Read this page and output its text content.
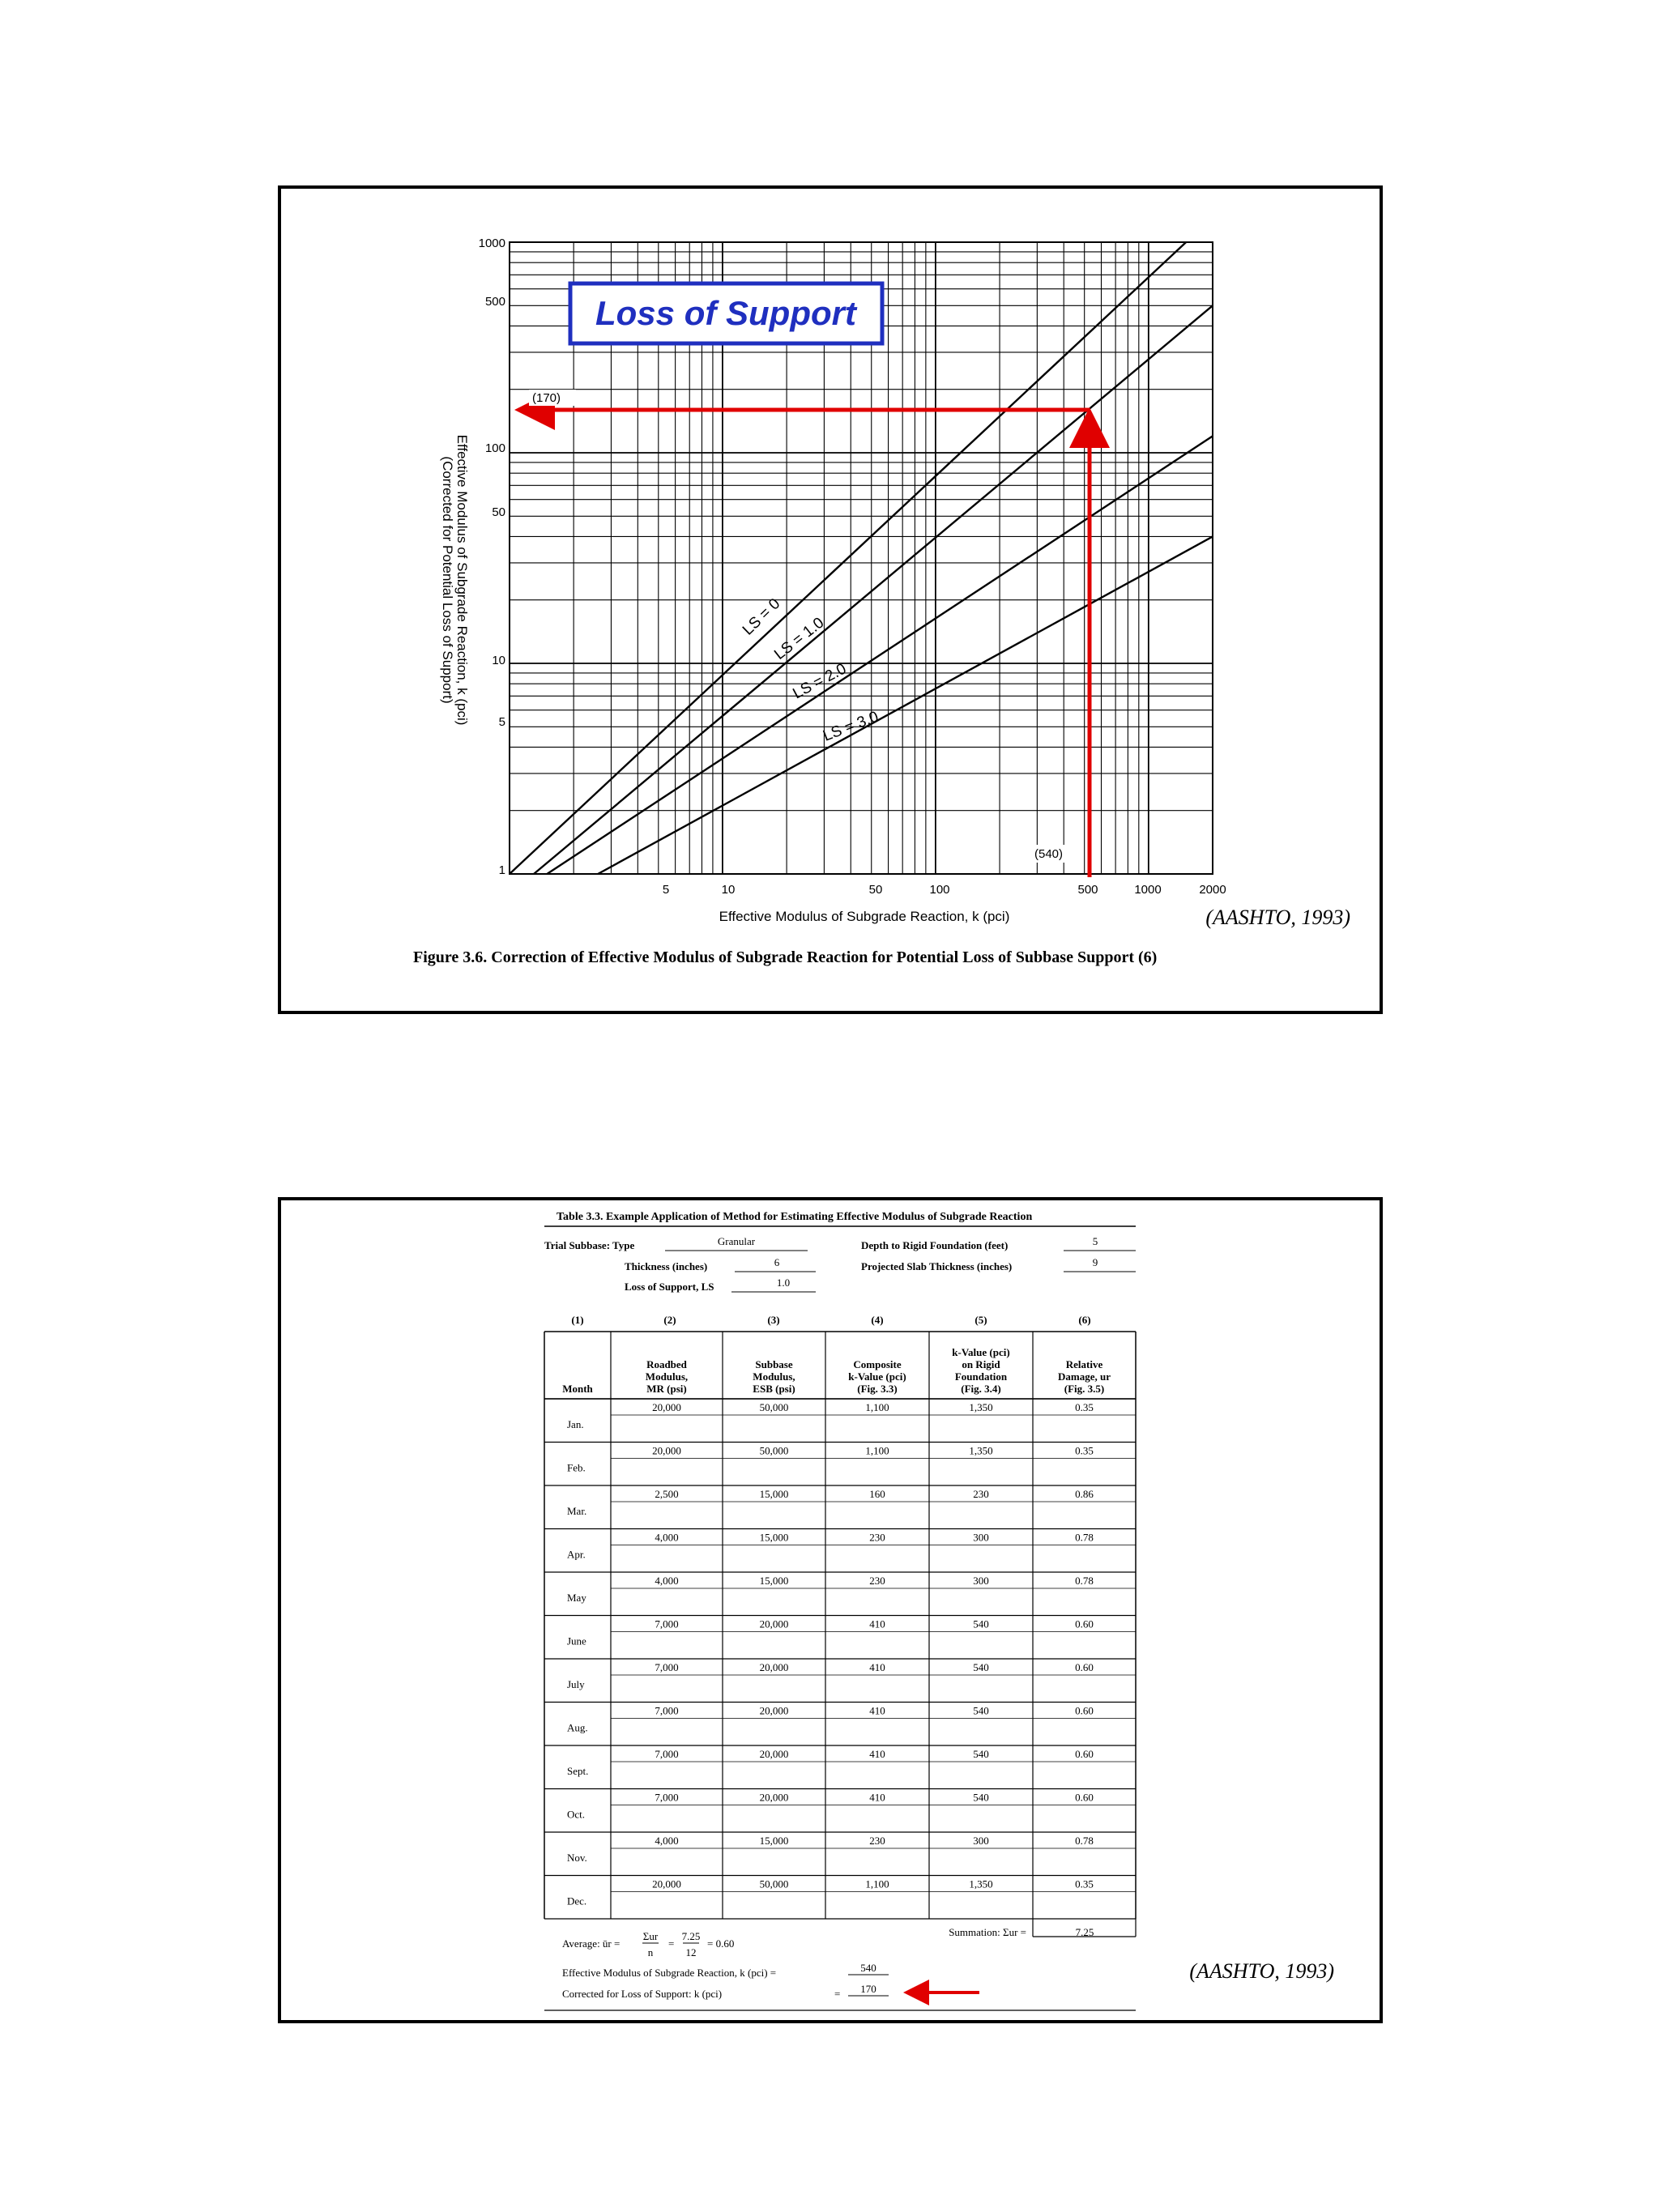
1000
500
100
50
10
5
1
5	10	50	100	500	1000	2000
Effective Modulus of Subgrade Reaction, k (pci)
(Corrected for Potential Loss of Support)
Effective Modulus of Subgrade Reaction, k (pci)
LS = 0
LS = 1.0
LS = 2.0
LS = 3.0
(170)
(540)
Loss of Support
(AASHTO, 1993)
Figure 3.6. Correction of Effective Modulus of Subgrade Reaction for Potential Loss of Subbase Support (6)
Table 3.3. Example Application of Method for Estimating Effective Modulus of Subgrade Reaction
Trial Subbase: Type	Granular
Thickness (inches)	6
Loss of Support, LS	1.0
Depth to Rigid Foundation (feet)	5
Projected Slab Thickness (inches)	9
(1)	(2)	(3)	(4)	(5)	(6)
Month
Roadbed
Modulus,
MR (psi)
Subbase
Modulus,
ESB (psi)
Composite
k-Value (pci)
(Fig. 3.3)
k-Value (pci)
on Rigid
Foundation
(Fig. 3.4)
Relative
Damage, ur
(Fig. 3.5)
Jan.
20,000	50,000	1,100	1,350	0.35
Feb.
20,000	50,000	1,100	1,350	0.35
Mar.
2,500	15,000	160	230	0.86
Apr.
4,000	15,000	230	300	0.78
May
4,000	15,000	230	300	0.78
June
7,000	20,000	410	540	0.60
July
7,000	20,000	410	540	0.60
Aug.
7,000	20,000	410	540	0.60
Sept.
7,000	20,000	410	540	0.60
Oct.
7,000	20,000	410	540	0.60
Nov.
4,000	15,000	230	300	0.78
Dec.
20,000	50,000	1,100	1,350	0.35
Summation: Σur =	7.25
Average: ūr =
Σur
n
7.25
12
= 0.60
=
Effective Modulus of Subgrade Reaction, k (pci) =	540
Corrected for Loss of Support: k (pci)	= 170
(AASHTO, 1993)
